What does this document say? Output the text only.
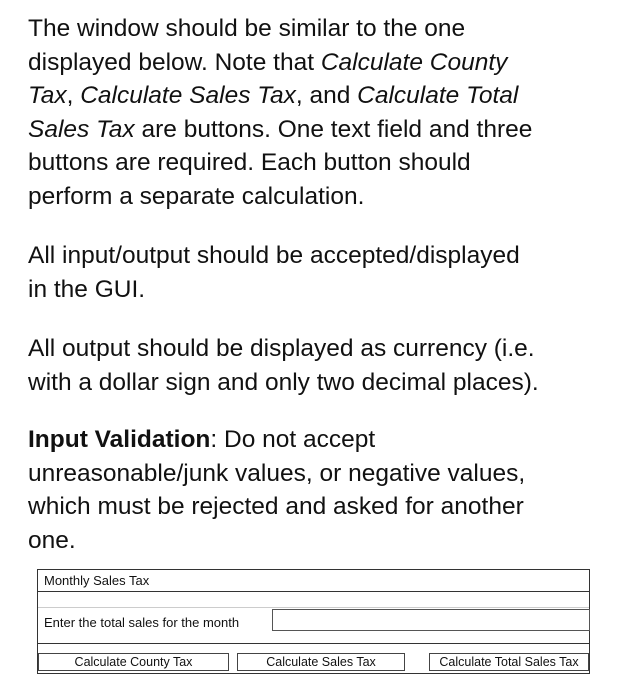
The window should be similar to the one
displayed below. Note that Calculate County
Tax, Calculate Sales Tax, and Calculate Total
Sales Tax are buttons. One text field and three
buttons are required. Each button should
perform a separate calculation.

All input/output should be accepted/displayed
in the GUI.

All output should be displayed as currency (i.e.
with a dollar sign and only two decimal places).

Input Validation: Do not accept
unreasonable/junk values, or negative values,
which must be rejected and asked for another
one.

Monthly Sales Tax
Enter the total sales for the month
Calculate County Tax	Calculate Sales Tax	Calculate Total Sales Tax
